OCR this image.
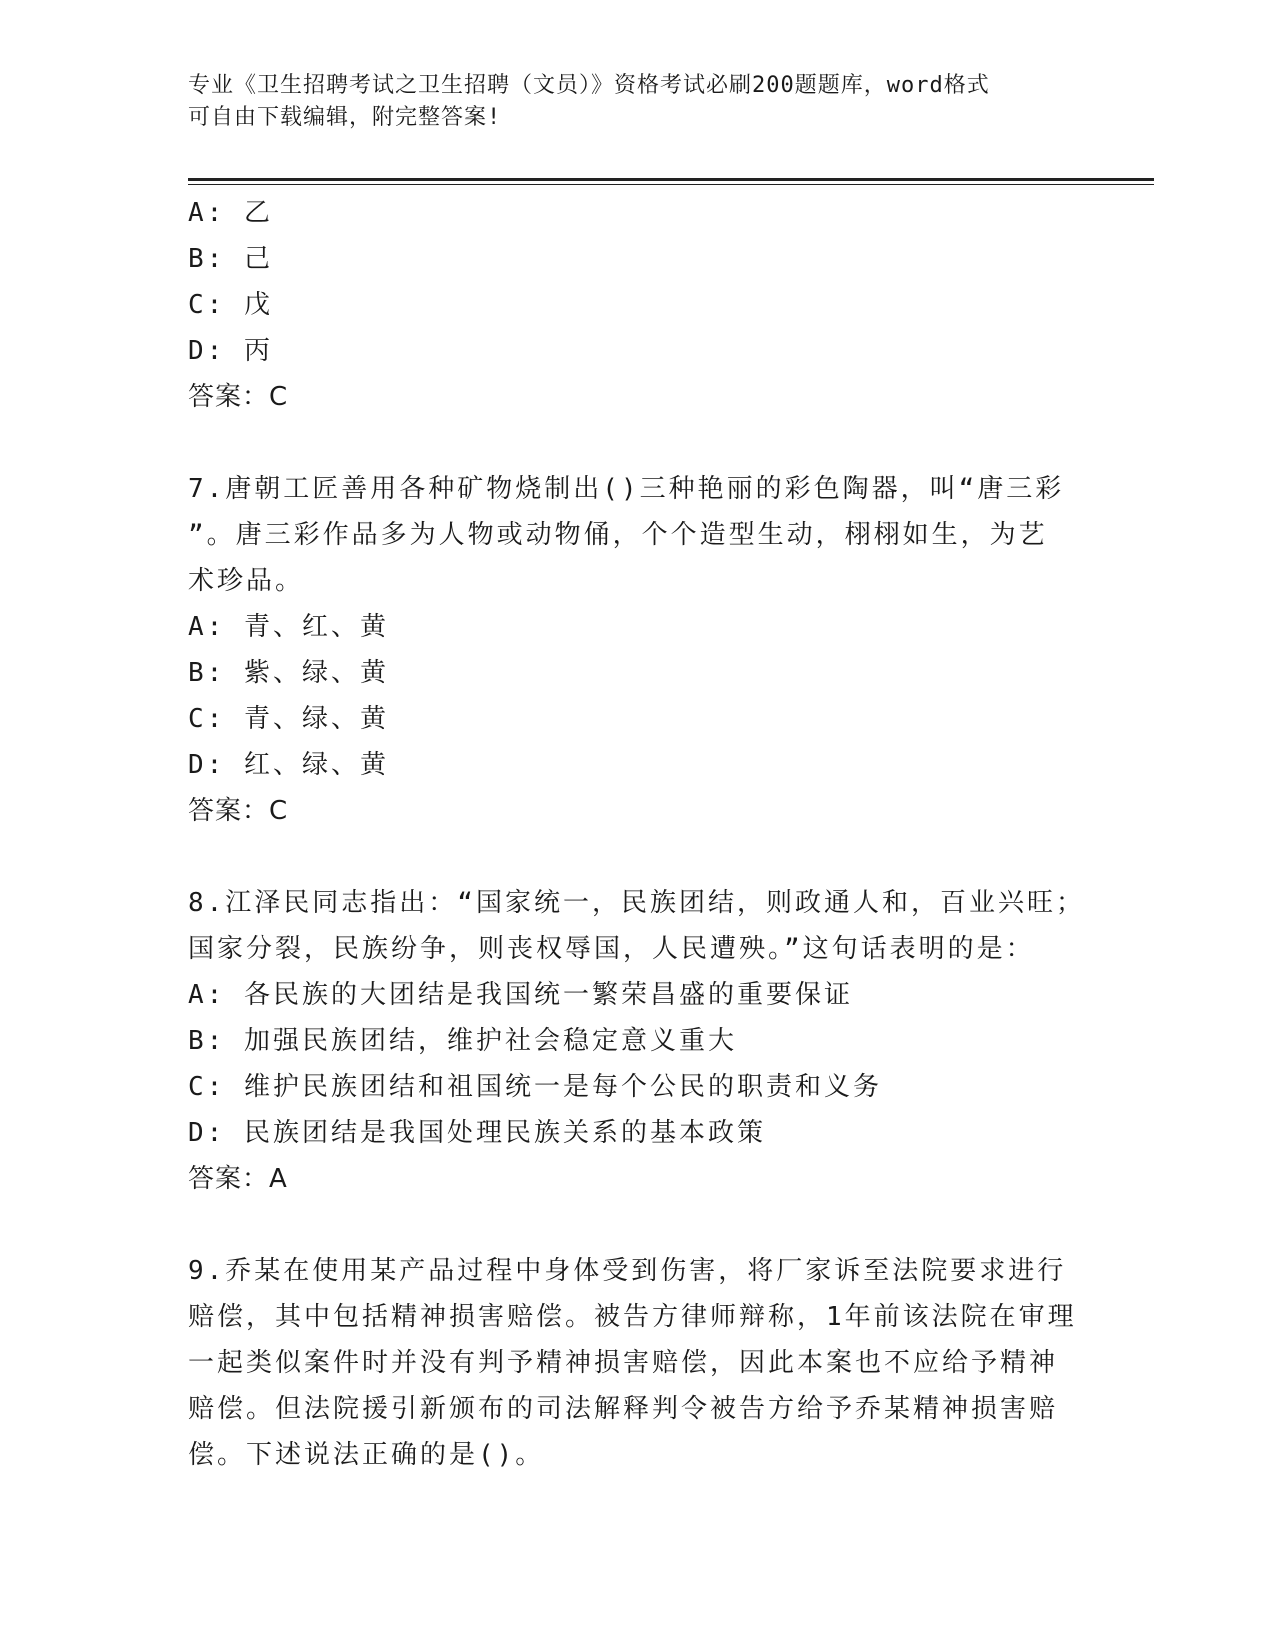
专业《卫生招聘考试之卫生招聘（文员）》资格考试必刷200题题库，word格式
可自由下载编辑，附完整答案!
A: 乙
B: 己
C: 戊
D: 丙
答案：C
7.唐朝工匠善用各种矿物烧制出()三种艳丽的彩色陶器，叫“唐三彩
”。唐三彩作品多为人物或动物俑，个个造型生动，栩栩如生，为艺
术珍品。
A: 青、红、黄
B: 紫、绿、黄
C: 青、绿、黄
D: 红、绿、黄
答案：C
8.江泽民同志指出：“国家统一，民族团结，则政通人和，百业兴旺；
国家分裂，民族纷争，则丧权辱国，人民遭殃。”这句话表明的是：
A: 各民族的大团结是我国统一繁荣昌盛的重要保证
B: 加强民族团结，维护社会稳定意义重大
C: 维护民族团结和祖国统一是每个公民的职责和义务
D: 民族团结是我国处理民族关系的基本政策
答案：A
9.乔某在使用某产品过程中身体受到伤害，将厂家诉至法院要求进行
赔偿，其中包括精神损害赔偿。被告方律师辩称，1年前该法院在审理
一起类似案件时并没有判予精神损害赔偿，因此本案也不应给予精神
赔偿。但法院援引新颁布的司法解释判令被告方给予乔某精神损害赔
偿。下述说法正确的是()。
